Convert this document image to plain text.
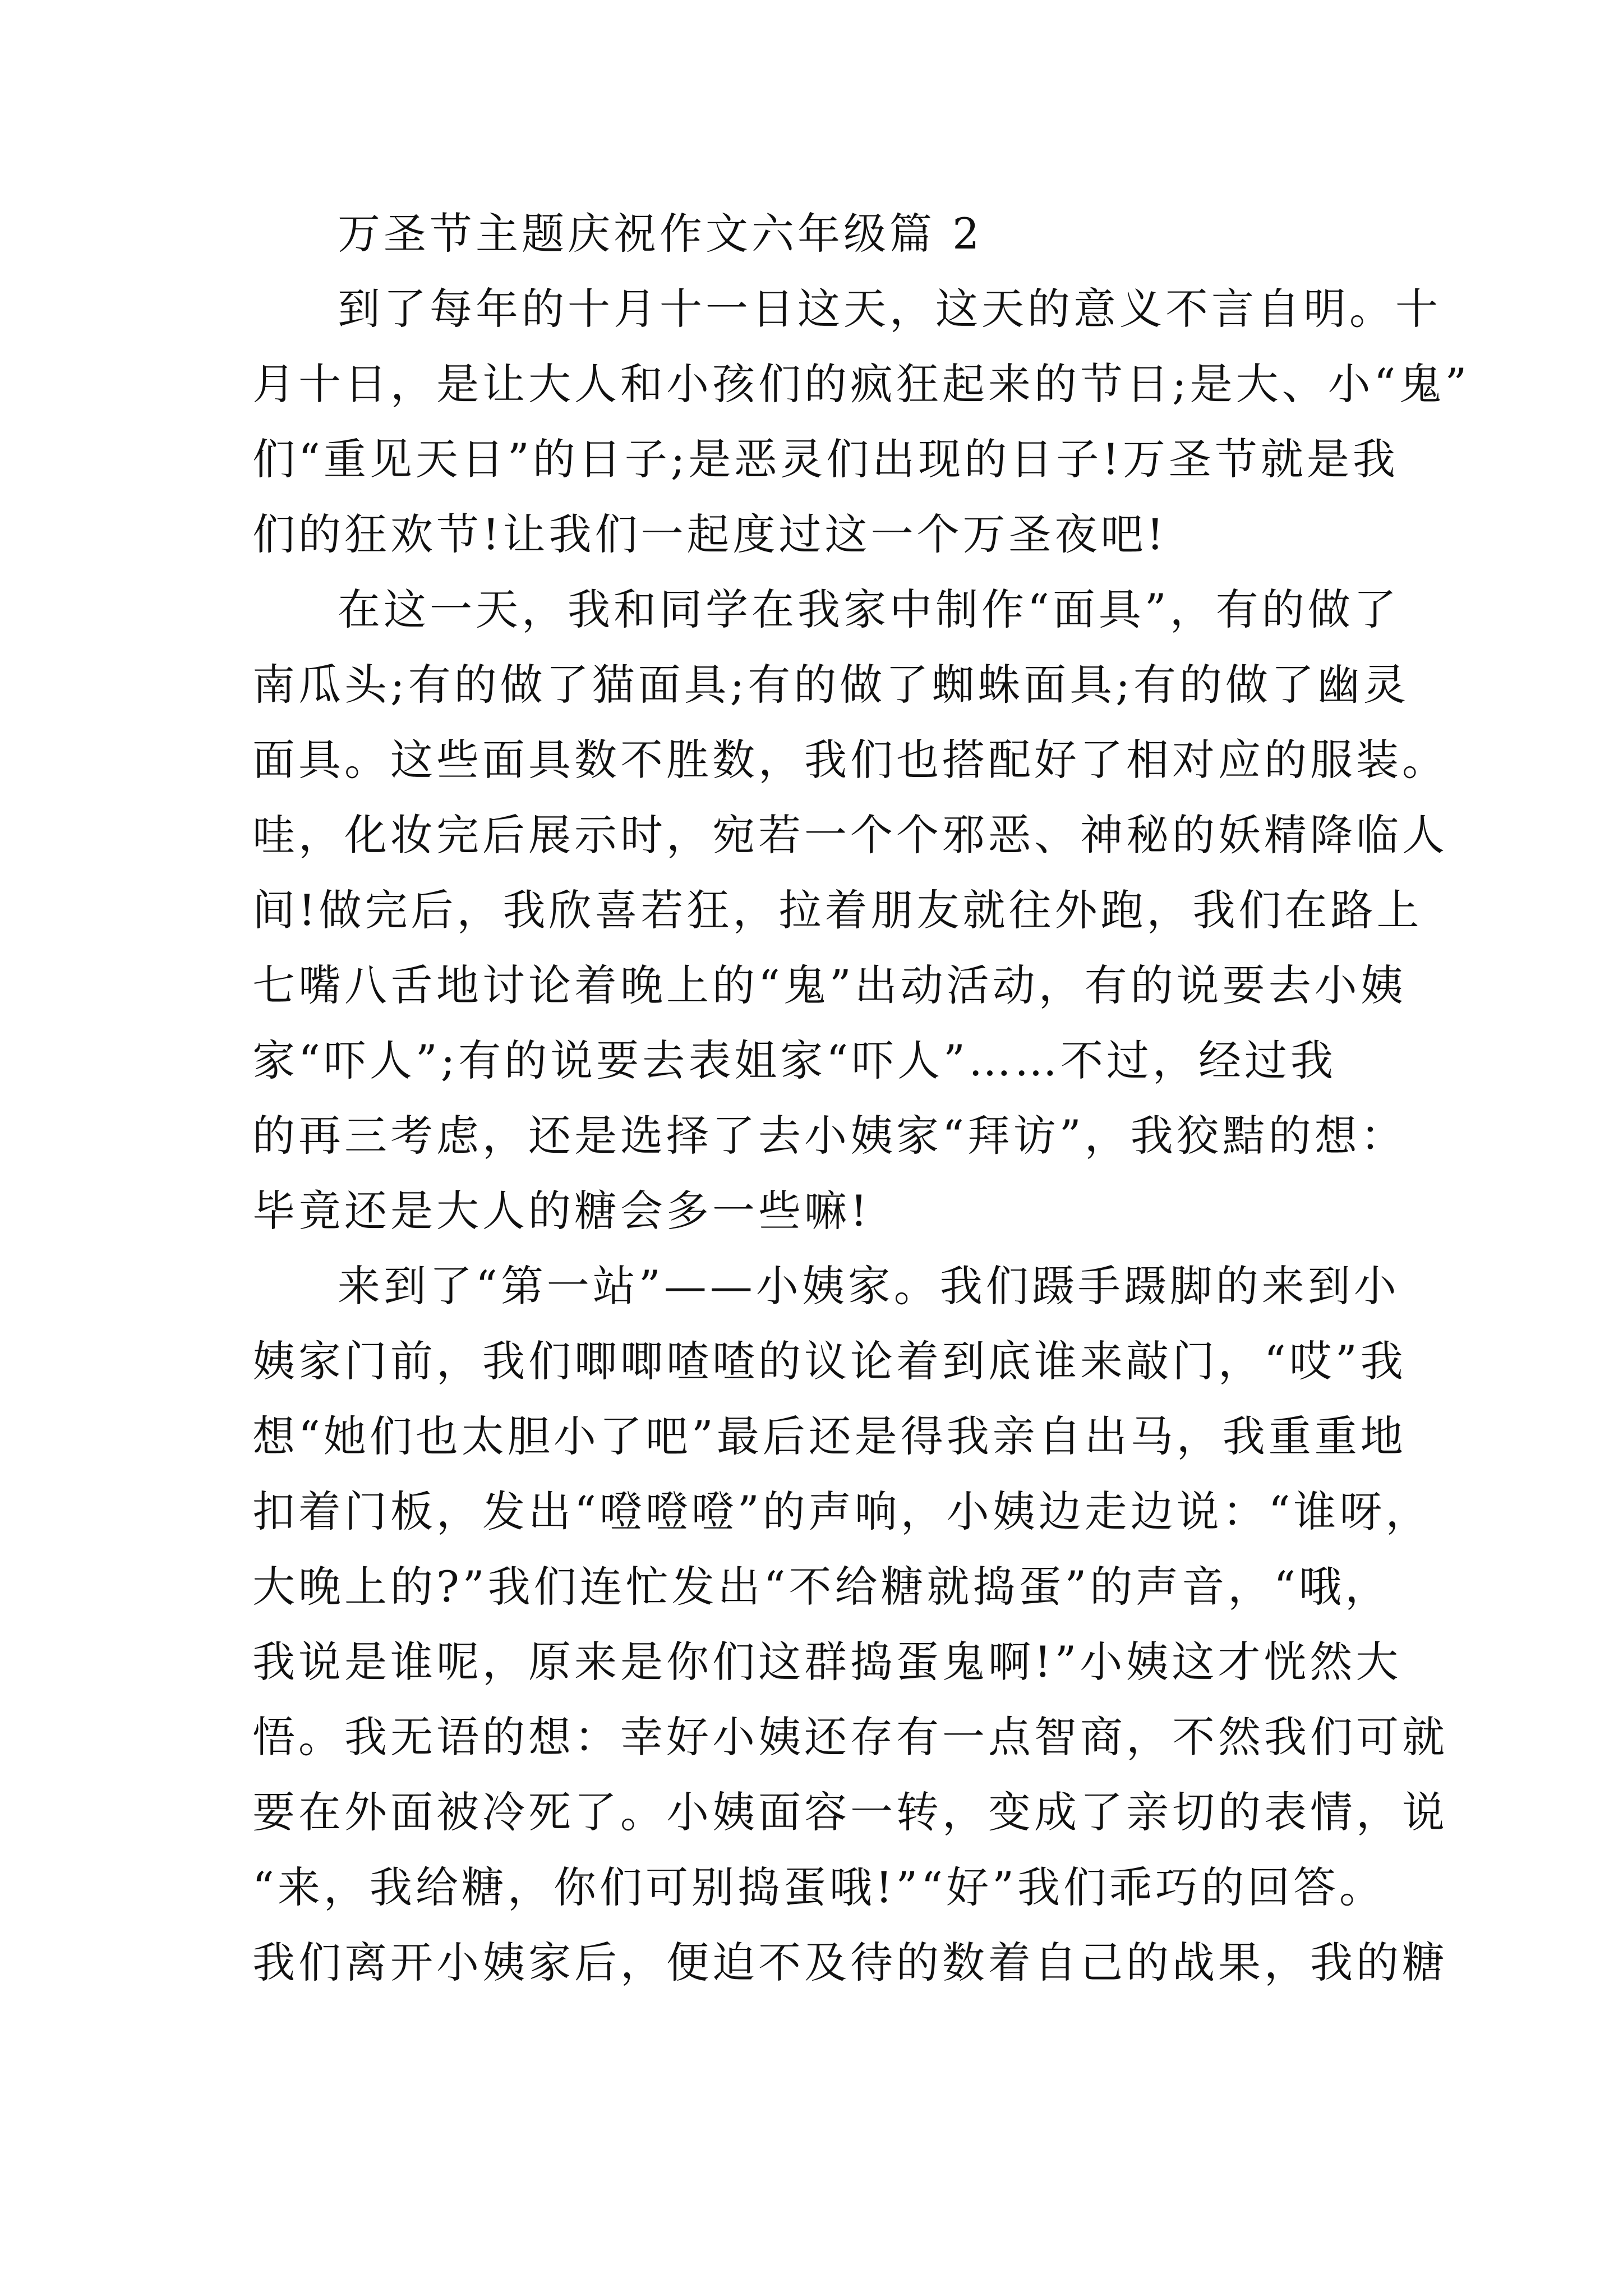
万圣节主题庆祝作文六年级篇 2

到了每年的十月十一日这天，这天的意义不言自明。十
月十日，是让大人和小孩们的疯狂起来的节日;是大、小“鬼”
们“重见天日”的日子;是恶灵们出现的日子!万圣节就是我
们的狂欢节!让我们一起度过这一个万圣夜吧!

在这一天，我和同学在我家中制作“面具”，有的做了
南瓜头;有的做了猫面具;有的做了蜘蛛面具;有的做了幽灵
面具。这些面具数不胜数，我们也搭配好了相对应的服装。
哇，化妆完后展示时，宛若一个个邪恶、神秘的妖精降临人
间!做完后，我欣喜若狂，拉着朋友就往外跑，我们在路上
七嘴八舌地讨论着晚上的“鬼”出动活动，有的说要去小姨
家“吓人”;有的说要去表姐家“吓人”……不过，经过我
的再三考虑，还是选择了去小姨家“拜访”，我狡黠的想：
毕竟还是大人的糖会多一些嘛!

来到了“第一站”——小姨家。我们蹑手蹑脚的来到小
姨家门前，我们唧唧喳喳的议论着到底谁来敲门，“哎”我
想“她们也太胆小了吧”最后还是得我亲自出马，我重重地
扣着门板，发出“噔噔噔”的声响，小姨边走边说：“谁呀，
大晚上的?”我们连忙发出“不给糖就捣蛋”的声音，“哦，
我说是谁呢，原来是你们这群捣蛋鬼啊!”小姨这才恍然大
悟。我无语的想：幸好小姨还存有一点智商，不然我们可就
要在外面被冷死了。小姨面容一转，变成了亲切的表情，说
“来，我给糖，你们可别捣蛋哦!”“好”我们乖巧的回答。
我们离开小姨家后，便迫不及待的数着自己的战果，我的糖
